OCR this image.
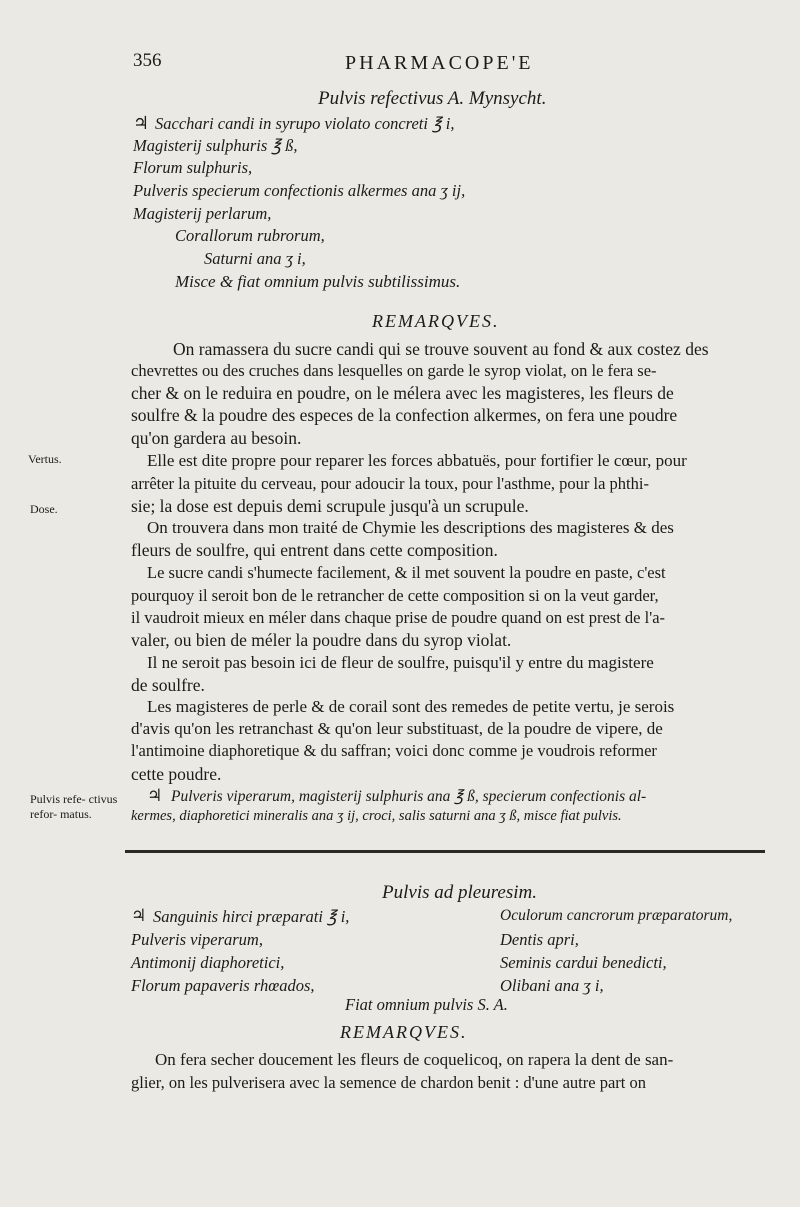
356	PHARMACOPE'E
Pulvis refectivus A. Mynsycht.
♃ Sacchari candi in syrupo violato concreti ℥ i,
Magisterij sulphuris ℥ ß,
Florum sulphuris,
Pulveris specierum confectionis alkermes ana ʒ ij,
Magisterij perlarum,
Corallorum rubrorum,
Saturni ana ʒ i,
Misce & fiat omnium pulvis subtilissimus.
REMARQVES.
On ramassera du sucre candi qui se trouve souvent au fond & aux costez des
chevrettes ou des cruches dans lesquelles on garde le syrop violat, on le fera se-
cher & on le reduira en poudre, on le mélera avec les magisteres, les fleurs de
soulfre & la poudre des especes de la confection alkermes, on fera une poudre
qu'on gardera au besoin.
Elle est dite propre pour reparer les forces abbatuës, pour fortifier le cœur, pour
arrêter la pituite du cerveau, pour adoucir la toux, pour l'asthme, pour la phthi-
sie; la dose est depuis demi scrupule jusqu'à un scrupule.
On trouvera dans mon traité de Chymie les descriptions des magisteres & des
fleurs de soulfre, qui entrent dans cette composition.
Le sucre candi s'humecte facilement, & il met souvent la poudre en paste, c'est
pourquoy il seroit bon de le retrancher de cette composition si on la veut garder,
il vaudroit mieux en méler dans chaque prise de poudre quand on est prest de l'a-
valer, ou bien de méler la poudre dans du syrop violat.
Il ne seroit pas besoin ici de fleur de soulfre, puisqu'il y entre du magistere
de soulfre.
Les magisteres de perle & de corail sont des remedes de petite vertu, je serois
d'avis qu'on les retranchast & qu'on leur substituast, de la poudre de vipere, de
l'antimoine diaphoretique & du saffran; voici donc comme je voudrois reformer
cette poudre.
♃ Pulveris viperarum, magisterij sulphuris ana ℥ ß, specierum confectionis al-
kermes, diaphoretici mineralis ana ʒ ij, croci, salis saturni ana ʒ ß, misce fiat pulvis.
Vertus.
Dose.
Pulvis refe- ctivus refor- matus.
Pulvis ad pleuresim.
♃ Sanguinis hirci præparati ℥ i,
Pulveris viperarum,
Antimonij diaphoretici,
Florum papaveris rhœados,
Oculorum cancrorum præparatorum,
Dentis apri,
Seminis cardui benedicti,
Olibani ana ʒ i,
Fiat omnium pulvis S. A.
REMARQVES.
On fera secher doucement les fleurs de coquelicoq, on rapera la dent de san-
glier, on les pulverisera avec la semence de chardon benit : d'une autre part on
